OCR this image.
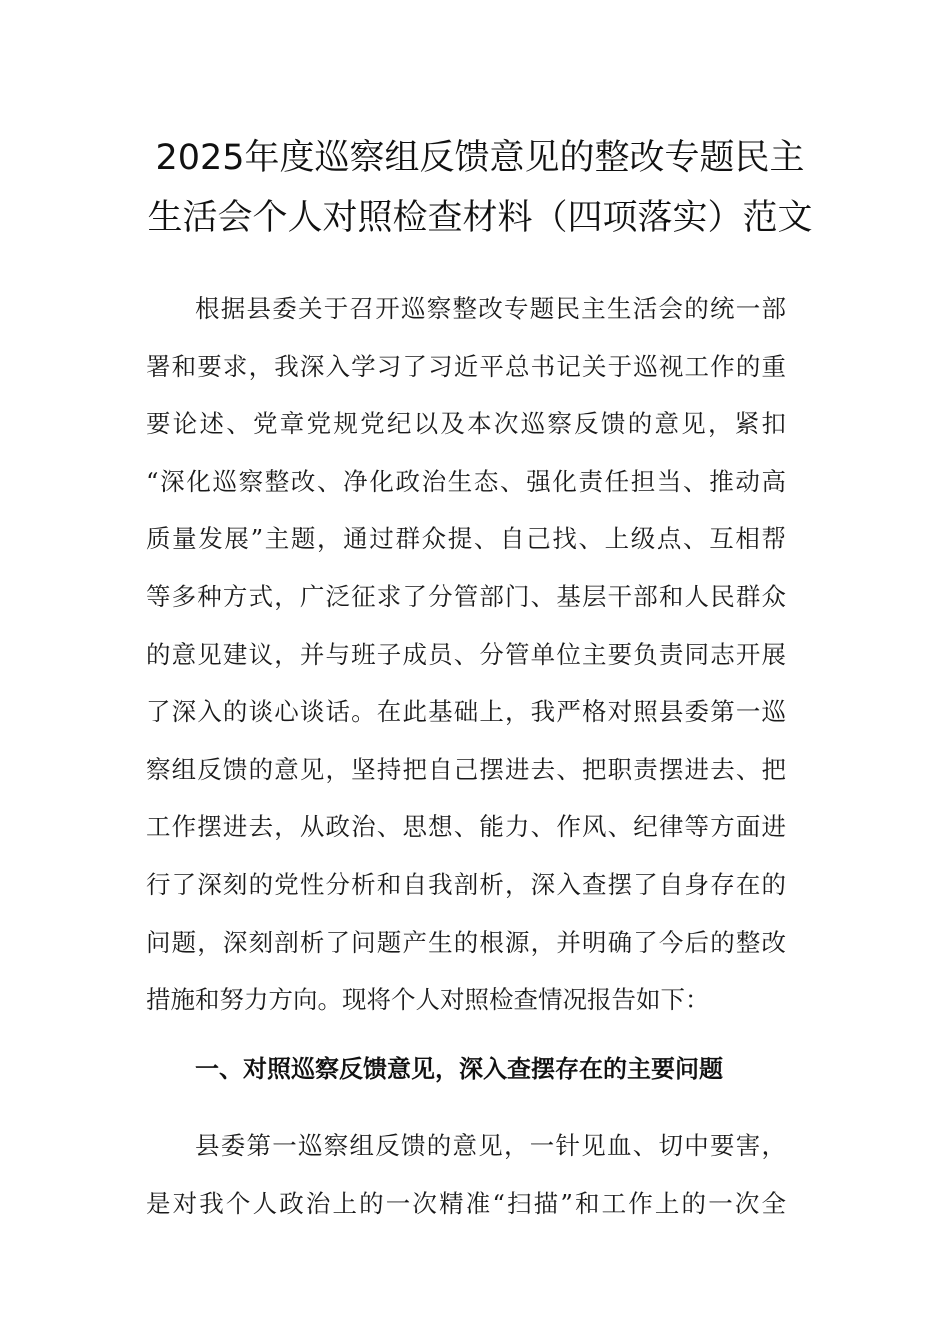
2025年度巡察组反馈意见的整改专题民主
生活会个人对照检查材料（四项落实）范文
根据县委关于召开巡察整改专题民主生活会的统一部
署和要求，我深入学习了习近平总书记关于巡视工作的重
要论述、党章党规党纪以及本次巡察反馈的意见，紧扣
“深化巡察整改、净化政治生态、强化责任担当、推动高
质量发展”主题，通过群众提、自己找、上级点、互相帮
等多种方式，广泛征求了分管部门、基层干部和人民群众
的意见建议，并与班子成员、分管单位主要负责同志开展
了深入的谈心谈话。在此基础上，我严格对照县委第一巡
察组反馈的意见，坚持把自己摆进去、把职责摆进去、把
工作摆进去，从政治、思想、能力、作风、纪律等方面进
行了深刻的党性分析和自我剖析，深入查摆了自身存在的
问题，深刻剖析了问题产生的根源，并明确了今后的整改
措施和努力方向。现将个人对照检查情况报告如下：
一、对照巡察反馈意见，深入查摆存在的主要问题
县委第一巡察组反馈的意见，一针见血、切中要害，
是对我个人政治上的一次精准“扫描”和工作上的一次全
